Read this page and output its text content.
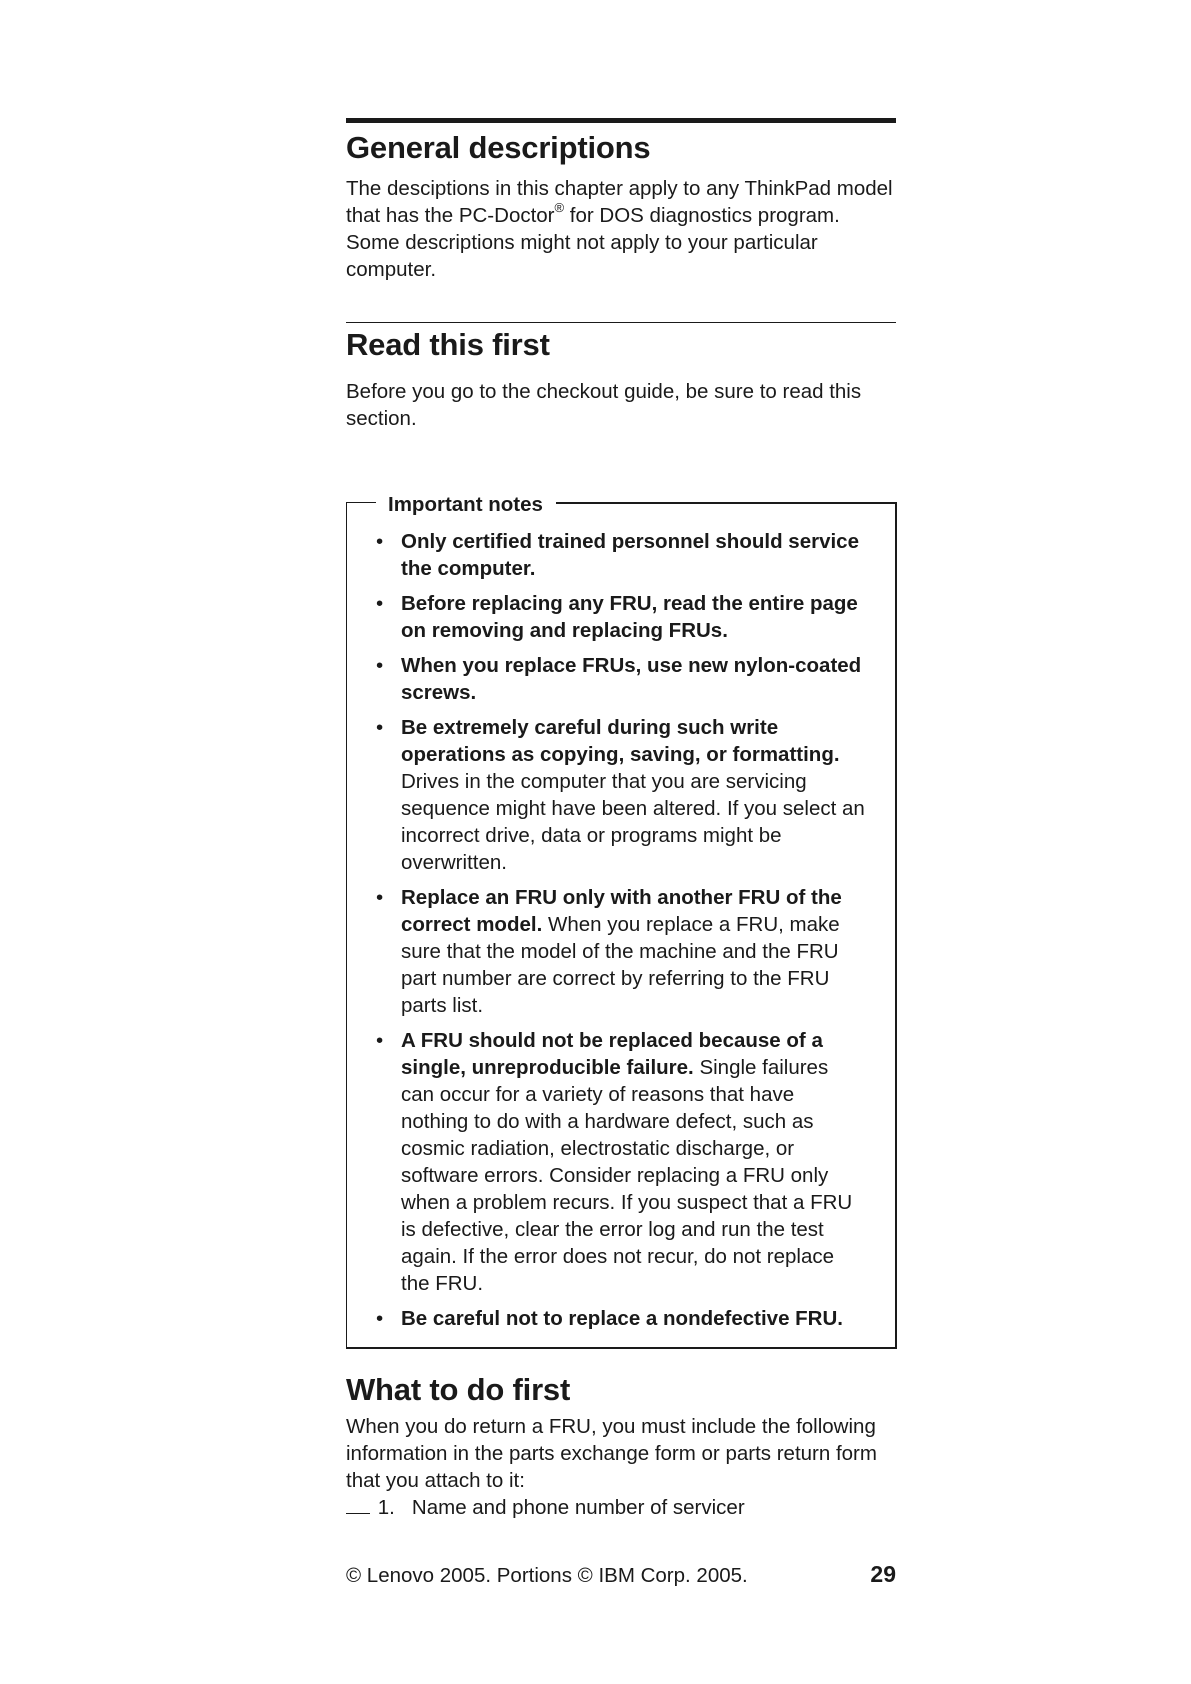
General descriptions

The desciptions in this chapter apply to any ThinkPad model that has the PC-Doctor® for DOS diagnostics program. Some descriptions might not apply to your particular computer.

Read this first

Before you go to the checkout guide, be sure to read this section.

Important notes
• Only certified trained personnel should service the computer.
• Before replacing any FRU, read the entire page on removing and replacing FRUs.
• When you replace FRUs, use new nylon-coated screws.
• Be extremely careful during such write operations as copying, saving, or formatting. Drives in the computer that you are servicing sequence might have been altered. If you select an incorrect drive, data or programs might be overwritten.
• Replace an FRU only with another FRU of the correct model. When you replace a FRU, make sure that the model of the machine and the FRU part number are correct by referring to the FRU parts list.
• A FRU should not be replaced because of a single, unreproducible failure. Single failures can occur for a variety of reasons that have nothing to do with a hardware defect, such as cosmic radiation, electrostatic discharge, or software errors. Consider replacing a FRU only when a problem recurs. If you suspect that a FRU is defective, clear the error log and run the test again. If the error does not recur, do not replace the FRU.
• Be careful not to replace a nondefective FRU.
What to do first

When you do return a FRU, you must include the following information in the parts exchange form or parts return form that you attach to it:

1. Name and phone number of servicer
© Lenovo 2005. Portions © IBM Corp. 2005.	29
